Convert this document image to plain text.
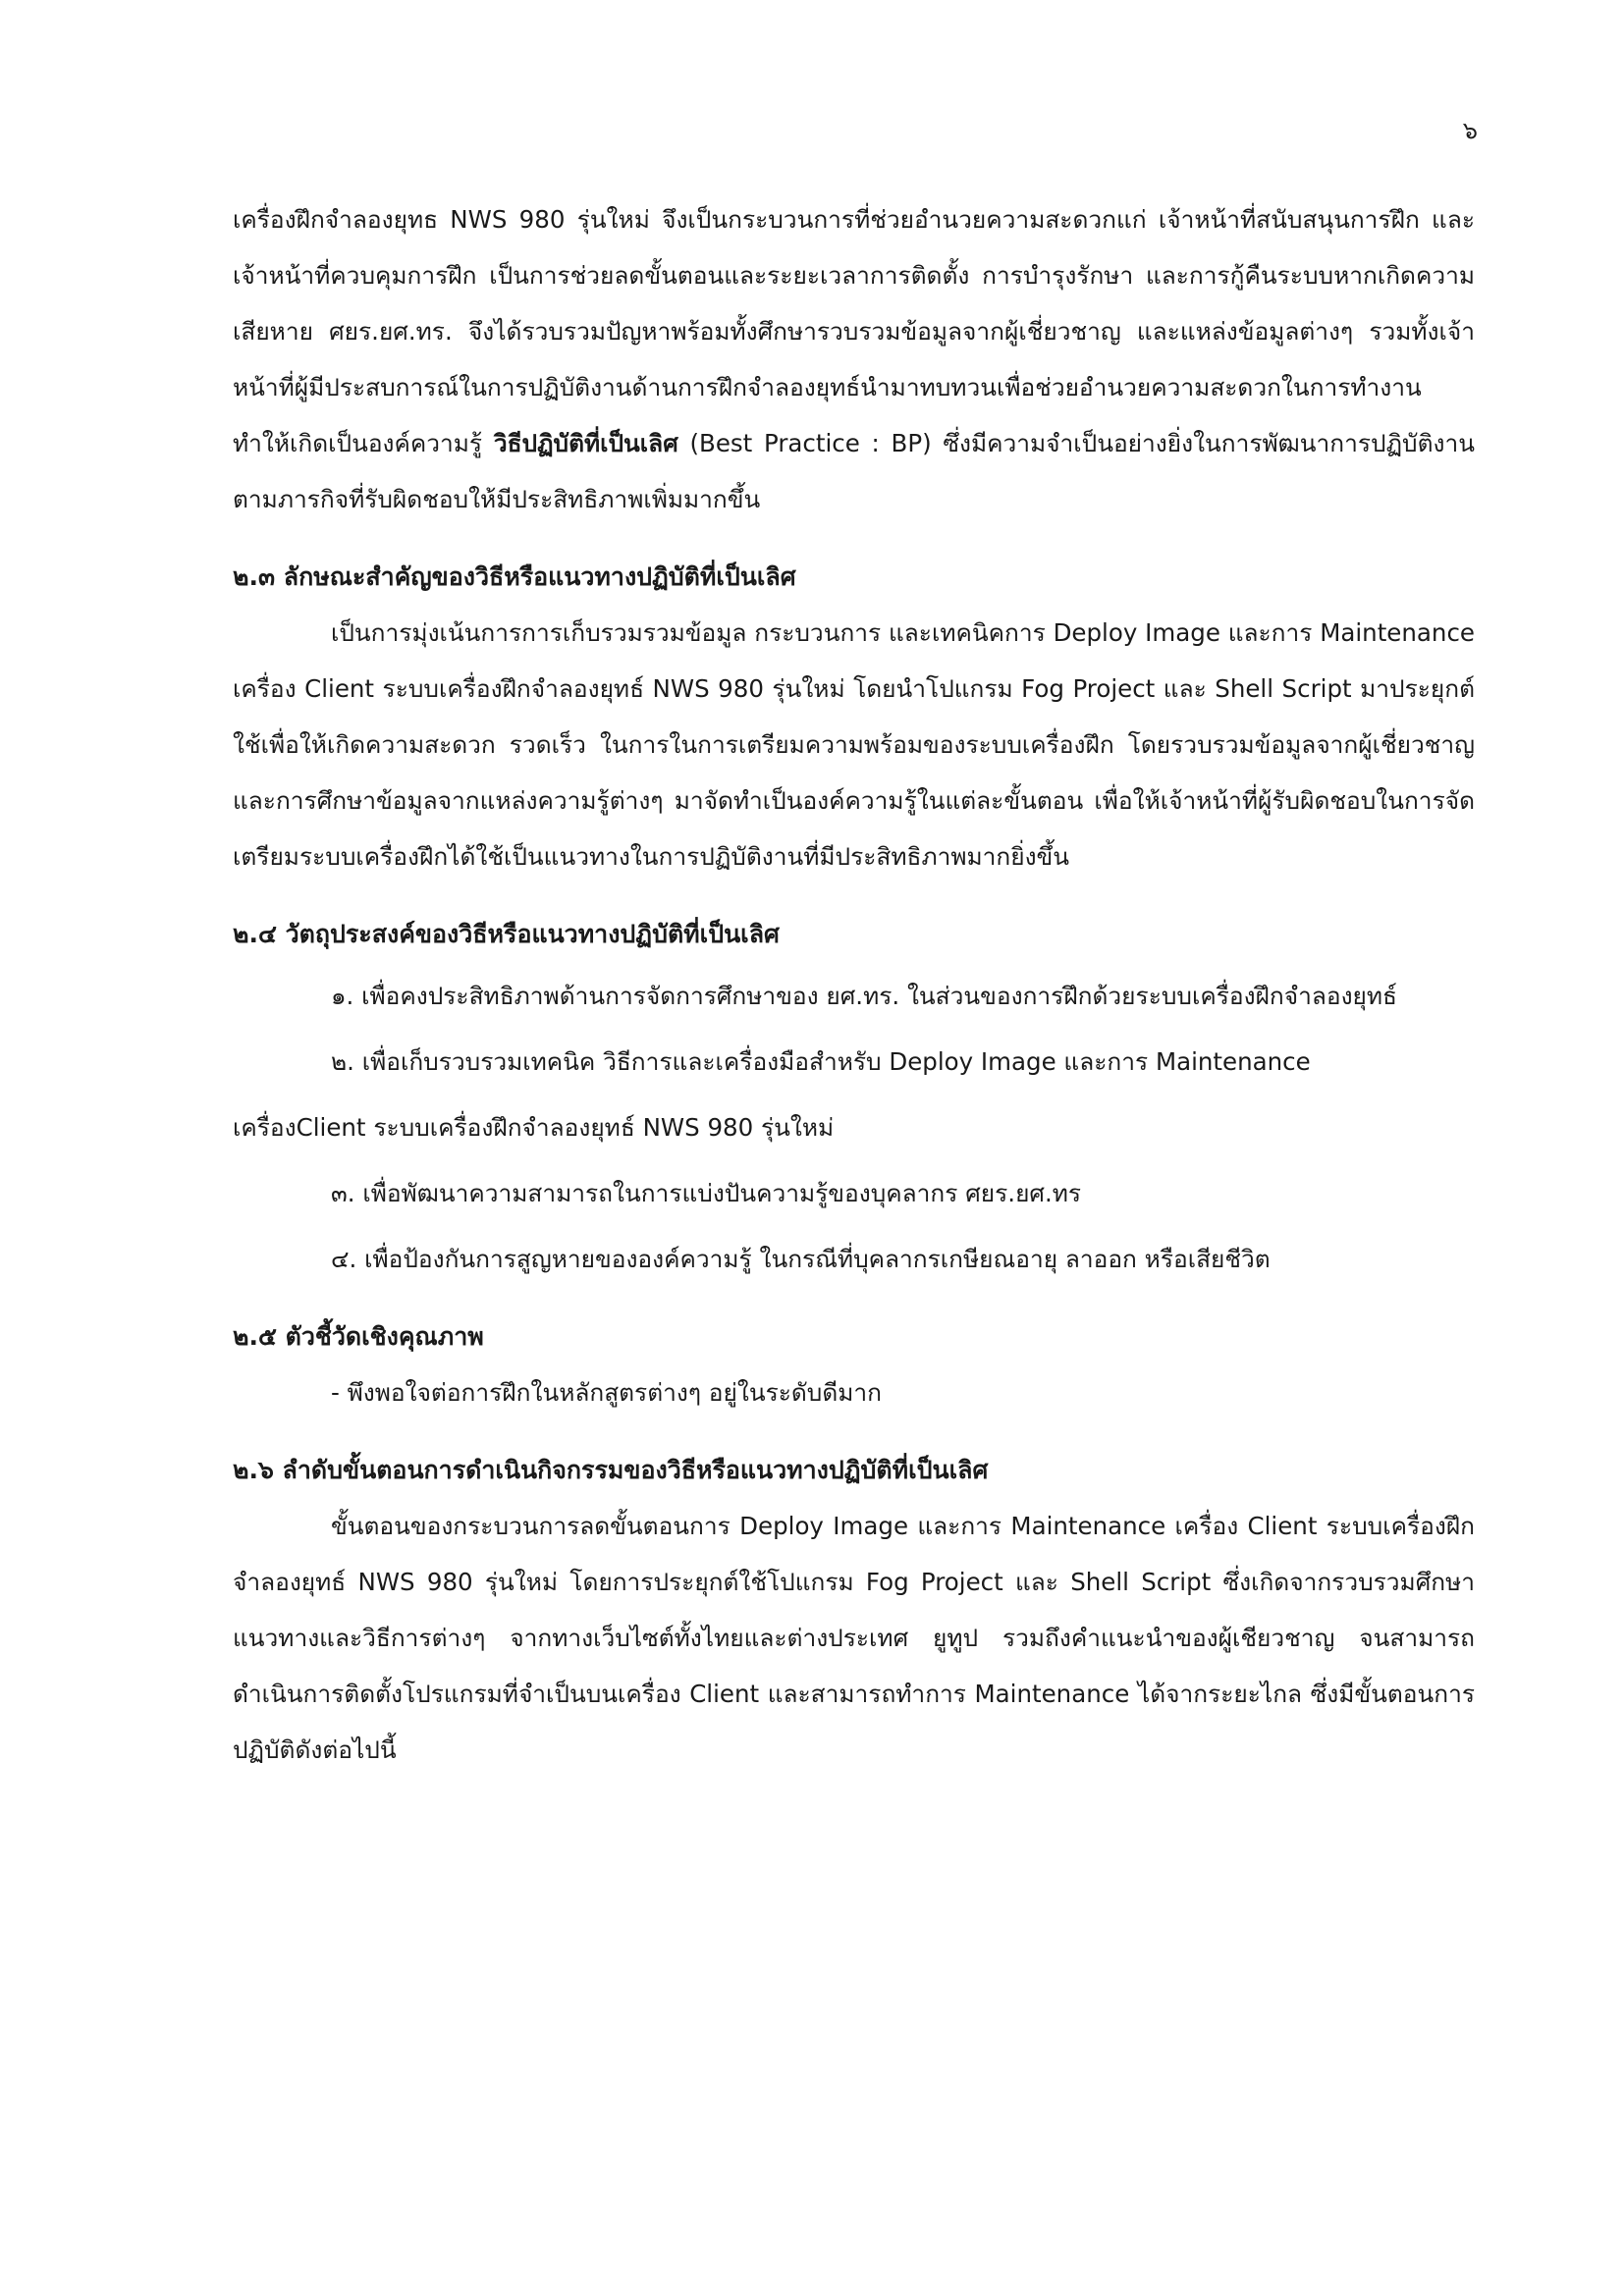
๖

เครื่องฝึกจำลองยุทธ NWS 980 รุ่นใหม่ จึงเป็นกระบวนการที่ช่วยอำนวยความสะดวกแก่ เจ้าหน้าที่สนับสนุนการฝึก และเจ้าหน้าที่ควบคุมการฝึก เป็นการช่วยลดขั้นตอนและระยะเวลาการติดตั้ง การบำรุงรักษา และการกู้คืนระบบหากเกิดความเสียหาย ศยร.ยศ.ทร. จึงได้รวบรวมปัญหาพร้อมทั้งศึกษารวบรวมข้อมูลจากผู้เชี่ยวชาญ และแหล่งข้อมูลต่างๆ รวมทั้งเจ้าหน้าที่ผู้มีประสบการณ์ในการปฏิบัติงานด้านการฝึกจำลองยุทธ์นำมาทบทวนเพื่อช่วยอำนวยความสะดวกในการทำงาน ทำให้เกิดเป็นองค์ความรู้ วิธีปฏิบัติที่เป็นเลิศ (Best Practice : BP) ซึ่งมีความจำเป็นอย่างยิ่งในการพัฒนาการปฏิบัติงานตามภารกิจที่รับผิดชอบให้มีประสิทธิภาพเพิ่มมากขึ้น

๒.๓ ลักษณะสำคัญของวิธีหรือแนวทางปฏิบัติที่เป็นเลิศ

เป็นการมุ่งเน้นการการเก็บรวมรวมข้อมูล กระบวนการ และเทคนิคการ Deploy Image และการ Maintenance เครื่อง Client ระบบเครื่องฝึกจำลองยุทธ์ NWS 980 รุ่นใหม่ โดยนำโปแกรม Fog Project และ Shell Script มาประยุกต์ใช้เพื่อให้เกิดความสะดวก รวดเร็ว ในการในการเตรียมความพร้อมของระบบเครื่องฝึก โดยรวบรวมข้อมูลจากผู้เชี่ยวชาญ และการศึกษาข้อมูลจากแหล่งความรู้ต่างๆ มาจัดทำเป็นองค์ความรู้ในแต่ละขั้นตอน เพื่อให้เจ้าหน้าที่ผู้รับผิดชอบในการจัดเตรียมระบบเครื่องฝึกได้ใช้เป็นแนวทางในการปฏิบัติงานที่มีประสิทธิภาพมากยิ่งขึ้น

๒.๔ วัตถุประสงค์ของวิธีหรือแนวทางปฏิบัติที่เป็นเลิศ

๑. เพื่อคงประสิทธิภาพด้านการจัดการศึกษาของ ยศ.ทร. ในส่วนของการฝึกด้วยระบบเครื่องฝึกจำลองยุทธ์

๒. เพื่อเก็บรวบรวมเทคนิค วิธีการและเครื่องมือสำหรับ Deploy Image และการ Maintenance

เครื่องClient ระบบเครื่องฝึกจำลองยุทธ์ NWS 980 รุ่นใหม่

๓. เพื่อพัฒนาความสามารถในการแบ่งปันความรู้ของบุคลากร ศยร.ยศ.ทร

๔. เพื่อป้องกันการสูญหายขององค์ความรู้ ในกรณีที่บุคลากรเกษียณอายุ ลาออก หรือเสียชีวิต

๒.๕ ตัวชี้วัดเชิงคุณภาพ

- พึงพอใจต่อการฝึกในหลักสูตรต่างๆ อยู่ในระดับดีมาก

๒.๖ ลำดับขั้นตอนการดำเนินกิจกรรมของวิธีหรือแนวทางปฏิบัติที่เป็นเลิศ

ขั้นตอนของกระบวนการลดขั้นตอนการ Deploy Image และการ Maintenance เครื่อง Client ระบบเครื่องฝึกจำลองยุทธ์ NWS 980 รุ่นใหม่ โดยการประยุกต์ใช้โปแกรม Fog Project และ Shell Script ซึ่งเกิดจากรวบรวมศึกษาแนวทางและวิธีการต่างๆ จากทางเว็บไซต์ทั้งไทยและต่างประเทศ ยูทูป รวมถึงคำแนะนำของผู้เชียวชาญ จนสามารถดำเนินการติดตั้งโปรแกรมที่จำเป็นบนเครื่อง Client และสามารถทำการ Maintenance ได้จากระยะไกล ซึ่งมีขั้นตอนการปฏิบัติดังต่อไปนี้
